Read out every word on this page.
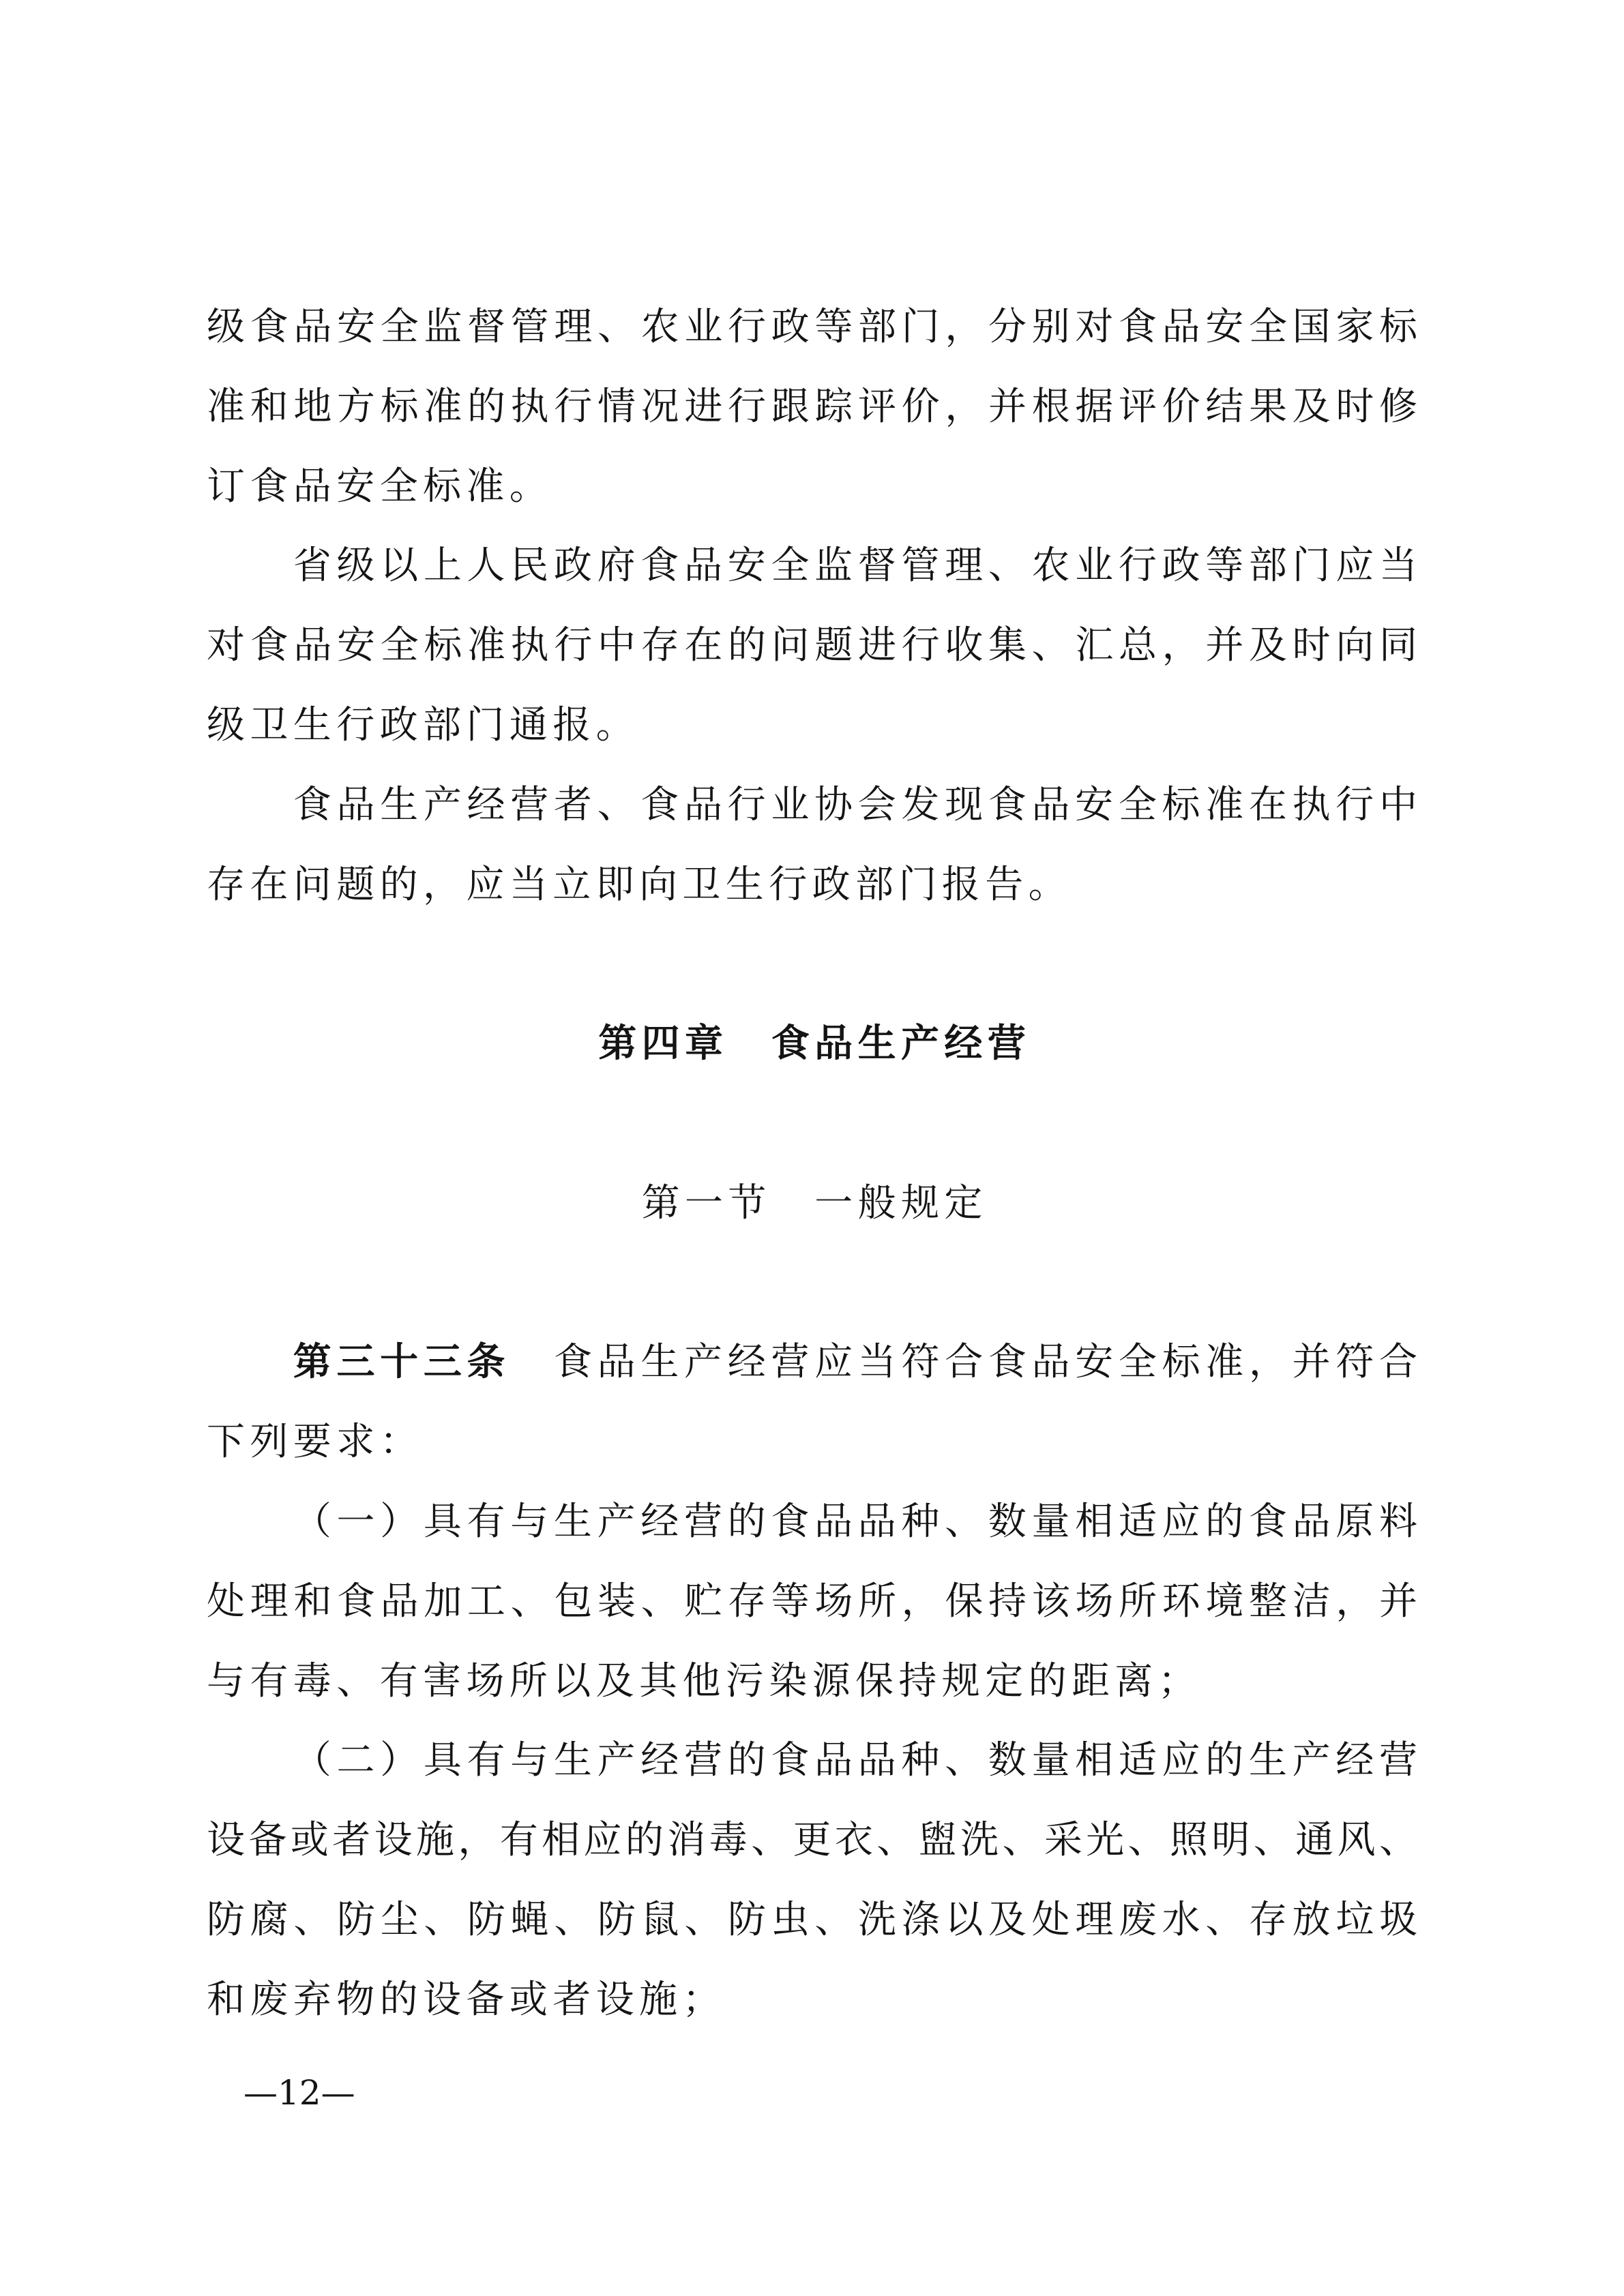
级食品安全监督管理、农业行政等部门，分别对食品安全国家标
准和地方标准的执行情况进行跟踪评价，并根据评价结果及时修
订食品安全标准。
省级以上人民政府食品安全监督管理、农业行政等部门应当
对食品安全标准执行中存在的问题进行收集、汇总，并及时向同
级卫生行政部门通报。
食品生产经营者、食品行业协会发现食品安全标准在执行中
存在问题的，应当立即向卫生行政部门报告。
第四章　食品生产经营
第一节　一般规定
第三十三条　食品生产经营应当符合食品安全标准，并符合
下列要求：
（一）具有与生产经营的食品品种、数量相适应的食品原料
处理和食品加工、包装、贮存等场所，保持该场所环境整洁，并
与有毒、有害场所以及其他污染源保持规定的距离；
（二）具有与生产经营的食品品种、数量相适应的生产经营
设备或者设施，有相应的消毒、更衣、盥洗、采光、照明、通风、
防腐、防尘、防蝇、防鼠、防虫、洗涤以及处理废水、存放垃圾
和废弃物的设备或者设施；
—12—
